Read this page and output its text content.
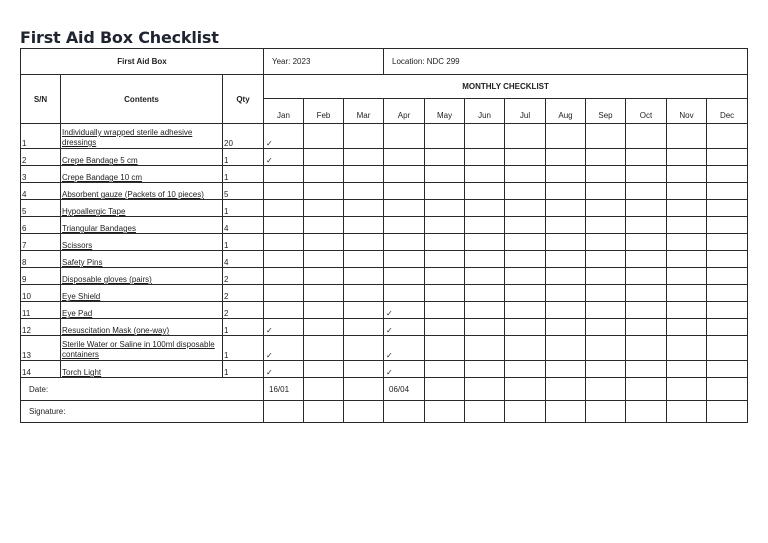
First Aid Box Checklist
First Aid Box			Year: 2023			Location: NDC 299								
S/N	Contents	Qty	MONTHLY CHECKLIST											
			Jan	Feb	Mar	Apr	May	Jun	Jul	Aug	Sep	Oct	Nov	Dec
1	Individually wrapped sterile adhesive dressings	20	✓											
2	Crepe Bandage 5 cm	1	✓											
3	Crepe Bandage 10 cm	1												
4	Absorbent gauze (Packets of 10 pieces)	5												
5	Hypoallergic Tape	1												
6	Triangular Bandages	4												
7	Scissors	1												
8	Safety Pins	4												
9	Disposable gloves (pairs)	2												
10	Eye Shield	2												
11	Eye Pad	2				✓								
12	Resuscitation Mask (one-way)	1	✓			✓								
13	Sterile Water or Saline in 100ml disposable containers	1	✓			✓								
14	Torch Light	1	✓			✓								
Date:			16/01			06/04								
Signature:														
